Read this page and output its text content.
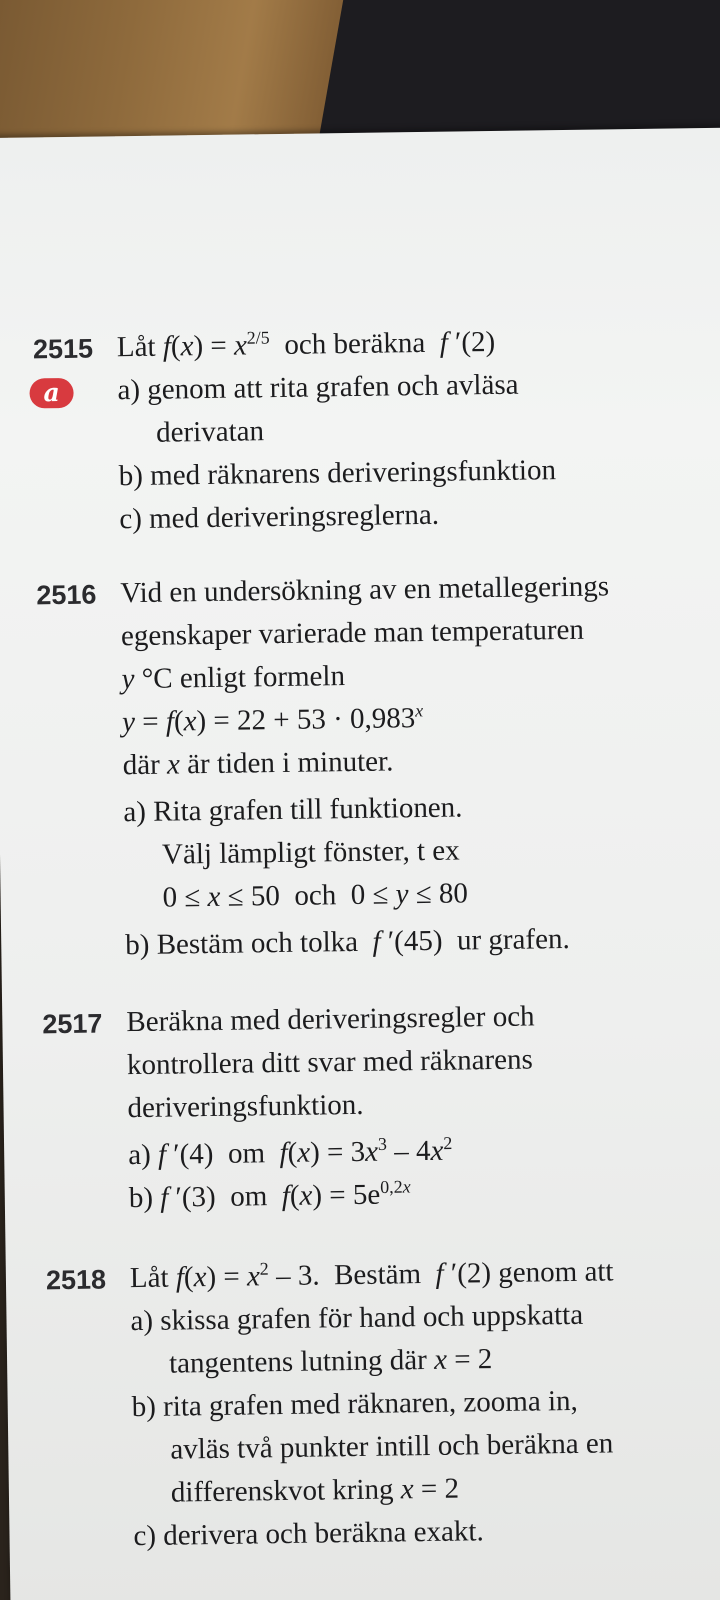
2515
a
Låt $f(x) = x^{2/5}$  och beräkna  f ′(2)
a) genom att rita grafen och avläsa
derivatan
b) med räknarens deriveringsfunktion
c) med deriveringsreglerna.
2516 Vid en undersökning av en metallegerings
egenskaper varierade man temperaturen
y °C enligt formeln
$y = f(x) = 22 + 53 \cdot 0,983^x$
där x är tiden i minuter.
a) Rita grafen till funktionen.
Välj lämpligt fönster, t ex
0 ≤ x ≤ 50  och  0 ≤ y ≤ 80
b) Bestäm och tolka  f ′(45)  ur grafen.
2517 Beräkna med deriveringsregler och
kontrollera ditt svar med räknarens
deriveringsfunktion.
a) f ′(4)  om  $f(x) = 3x^3 - 4x^2$
b) f ′(3)  om  $f(x) = 5e^{0,2x}$
2518 Låt $f(x) = x^2 - 3$.  Bestäm  f ′(2) genom att
a) skissa grafen för hand och uppskatta
tangentens lutning där x = 2
b) rita grafen med räknaren, zooma in,
avläs två punkter intill och beräkna en
differenskvot kring x = 2
c) derivera och beräkna exakt.
